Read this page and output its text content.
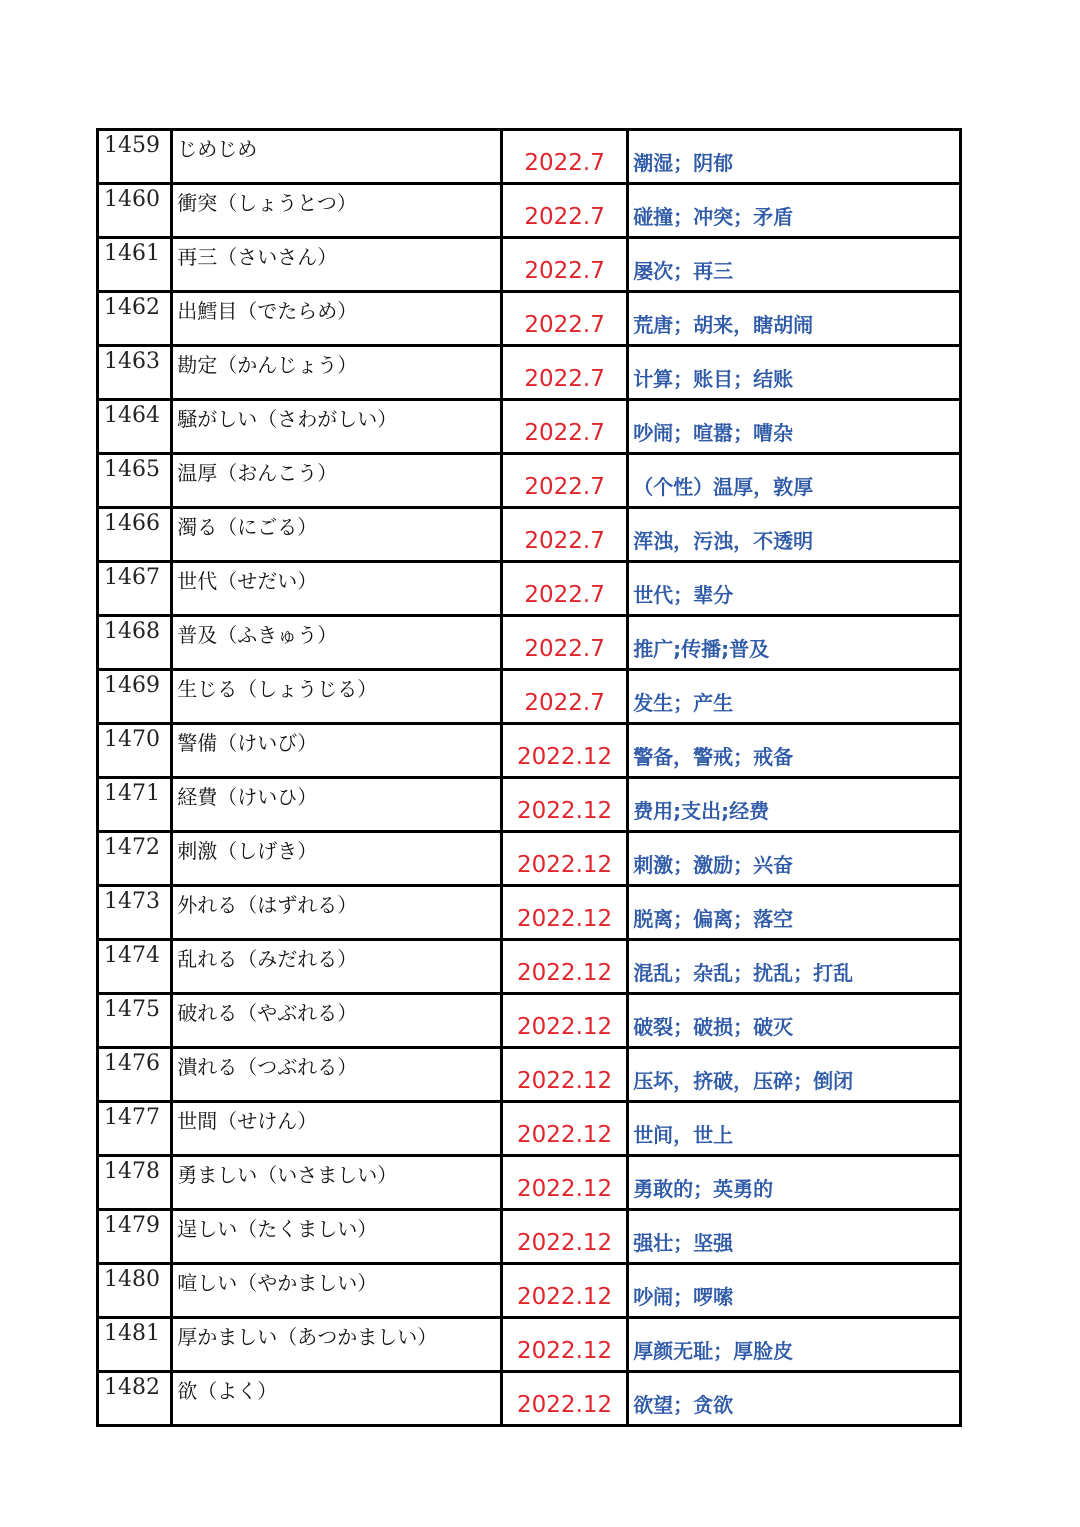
1459	じめじめ	2022.7	潮湿；阴郁
1460	衝突（しょうとつ）	2022.7	碰撞；冲突；矛盾
1461	再三（さいさん）	2022.7	屡次；再三
1462	出鱈目（でたらめ）	2022.7	荒唐；胡来，瞎胡闹
1463	勘定（かんじょう）	2022.7	计算；账目；结账
1464	騒がしい（さわがしい）	2022.7	吵闹；喧嚣；嘈杂
1465	温厚（おんこう）	2022.7	（个性）温厚，敦厚
1466	濁る（にごる）	2022.7	浑浊，污浊，不透明
1467	世代（せだい）	2022.7	世代；辈分
1468	普及（ふきゅう）	2022.7	推广;传播;普及
1469	生じる（しょうじる）	2022.7	发生；产生
1470	警備（けいび）	2022.12	警备，警戒；戒备
1471	経費（けいひ）	2022.12	费用;支出;经费
1472	刺激（しげき）	2022.12	刺激；激励；兴奋
1473	外れる（はずれる）	2022.12	脱离；偏离；落空
1474	乱れる（みだれる）	2022.12	混乱；杂乱；扰乱；打乱
1475	破れる（やぶれる）	2022.12	破裂；破损；破灭
1476	潰れる（つぶれる）	2022.12	压坏，挤破，压碎；倒闭
1477	世間（せけん）	2022.12	世间，世上
1478	勇ましい（いさましい）	2022.12	勇敢的；英勇的
1479	逞しい（たくましい）	2022.12	强壮；坚强
1480	喧しい（やかましい）	2022.12	吵闹；啰嗦
1481	厚かましい（あつかましい）	2022.12	厚颜无耻；厚脸皮
1482	欲（よく）	2022.12	欲望；贪欲
